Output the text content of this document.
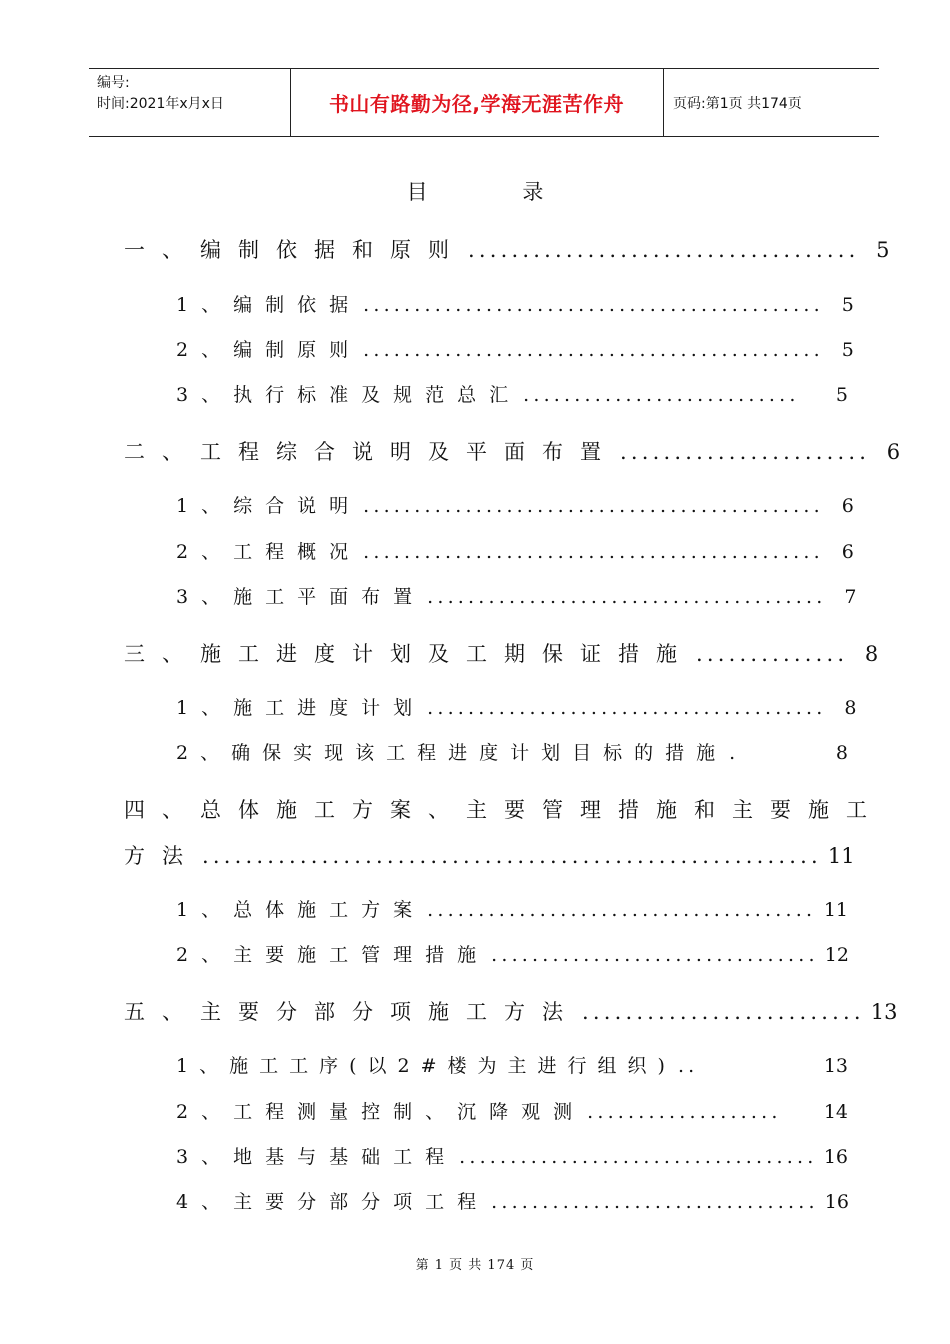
编号:
时间:2021年x月x日	书山有路勤为径,学海无涯苦作舟	页码:第1页 共174页
目 录
一、编制依据和原则 .................................... 5
1、编制依据 ............................................. 5
2、编制原则 ............................................. 5
3、执行标准及规范总汇 ...........................	5
二、工程综合说明及平面布置 ....................... 6
1、综合说明 ............................................. 6
2、工程概况 ............................................. 6
3、施工平面布置 ....................................... 7
三、施工进度计划及工期保证措施 .............. 8
1、施工进度计划 ....................................... 8
2、确保实现该工程进度计划目标的措施 .	8
四、总体施工方案、主要管理措施和主要施工
方法 ......................................................... 11
1、总体施工方案 ...................................... 11
2、主要施工管理措施 ................................ 12
五、主要分部分项施工方法 .......................... 13
1、施工工序(以2#楼为主进行组织) ..	13
2、工程测量控制、沉降观测 ...................	14
3、地基与基础工程 ................................... 16
4、主要分部分项工程 ................................ 16
第 1 页 共 174 页
